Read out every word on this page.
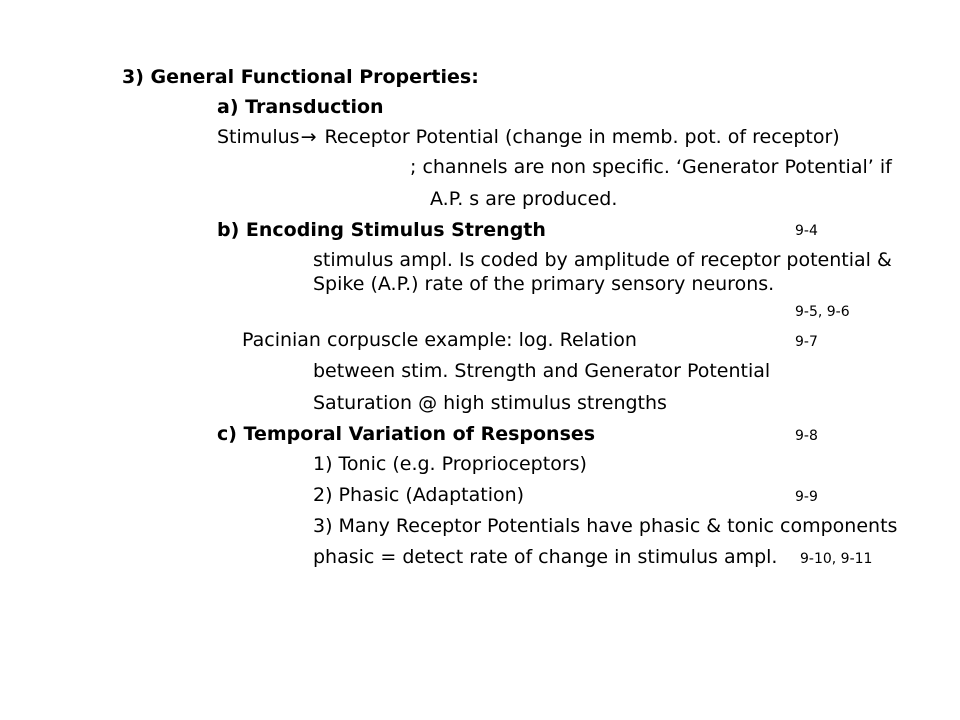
3) General Functional Properties:
a) Transduction
Stimulus→ Receptor Potential (change in memb. pot. of receptor)
; channels are non specific. ‘Generator Potential’ if
A.P. s are produced.
b) Encoding Stimulus Strength	9-4
stimulus ampl. Is coded by amplitude of receptor potential &
Spike (A.P.) rate of the primary sensory neurons.
9-5, 9-6
Pacinian corpuscle example: log. Relation	9-7
between stim. Strength and Generator Potential
Saturation @ high stimulus strengths
c) Temporal Variation of Responses	9-8
1) Tonic (e.g. Proprioceptors)
2) Phasic (Adaptation)	9-9
3) Many Receptor Potentials have phasic & tonic components
phasic = detect rate of change in stimulus ampl. 9-10, 9-11
